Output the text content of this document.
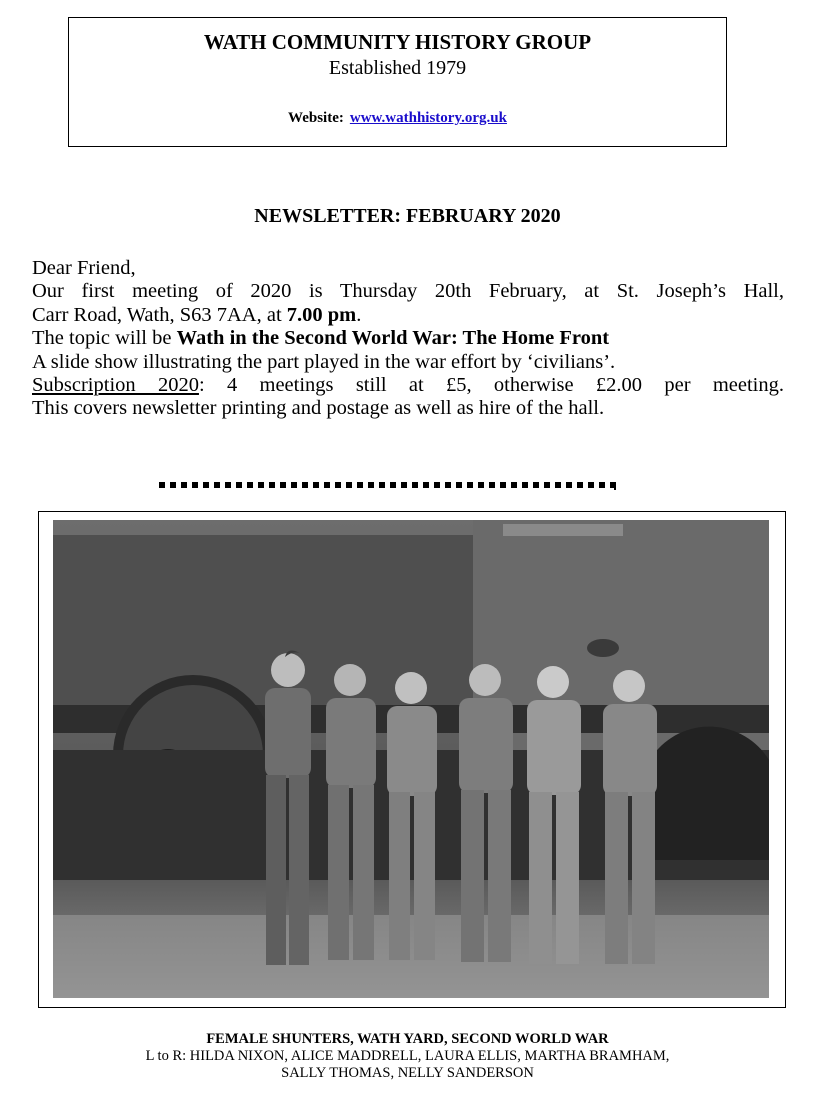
WATH COMMUNITY HISTORY GROUP
Established 1979
Website: www.wathhistory.org.uk
NEWSLETTER: FEBRUARY 2020

Dear Friend,

Our first meeting of 2020 is Thursday 20th February, at St. Joseph’s Hall,

Carr Road, Wath, S63 7AA, at 7.00 pm.

The topic will be Wath in the Second World War: The Home Front

A slide show illustrating the part played in the war effort by ‘civilians’.

Subscription 2020: 4 meetings still at £5, otherwise £2.00 per meeting.

This covers newsletter printing and postage as well as hire of the hall.

FEMALE SHUNTERS, WATH YARD, SECOND WORLD WAR
L to R: HILDA NIXON, ALICE MADDRELL, LAURA ELLIS, MARTHA BRAMHAM,
SALLY THOMAS, NELLY SANDERSON
